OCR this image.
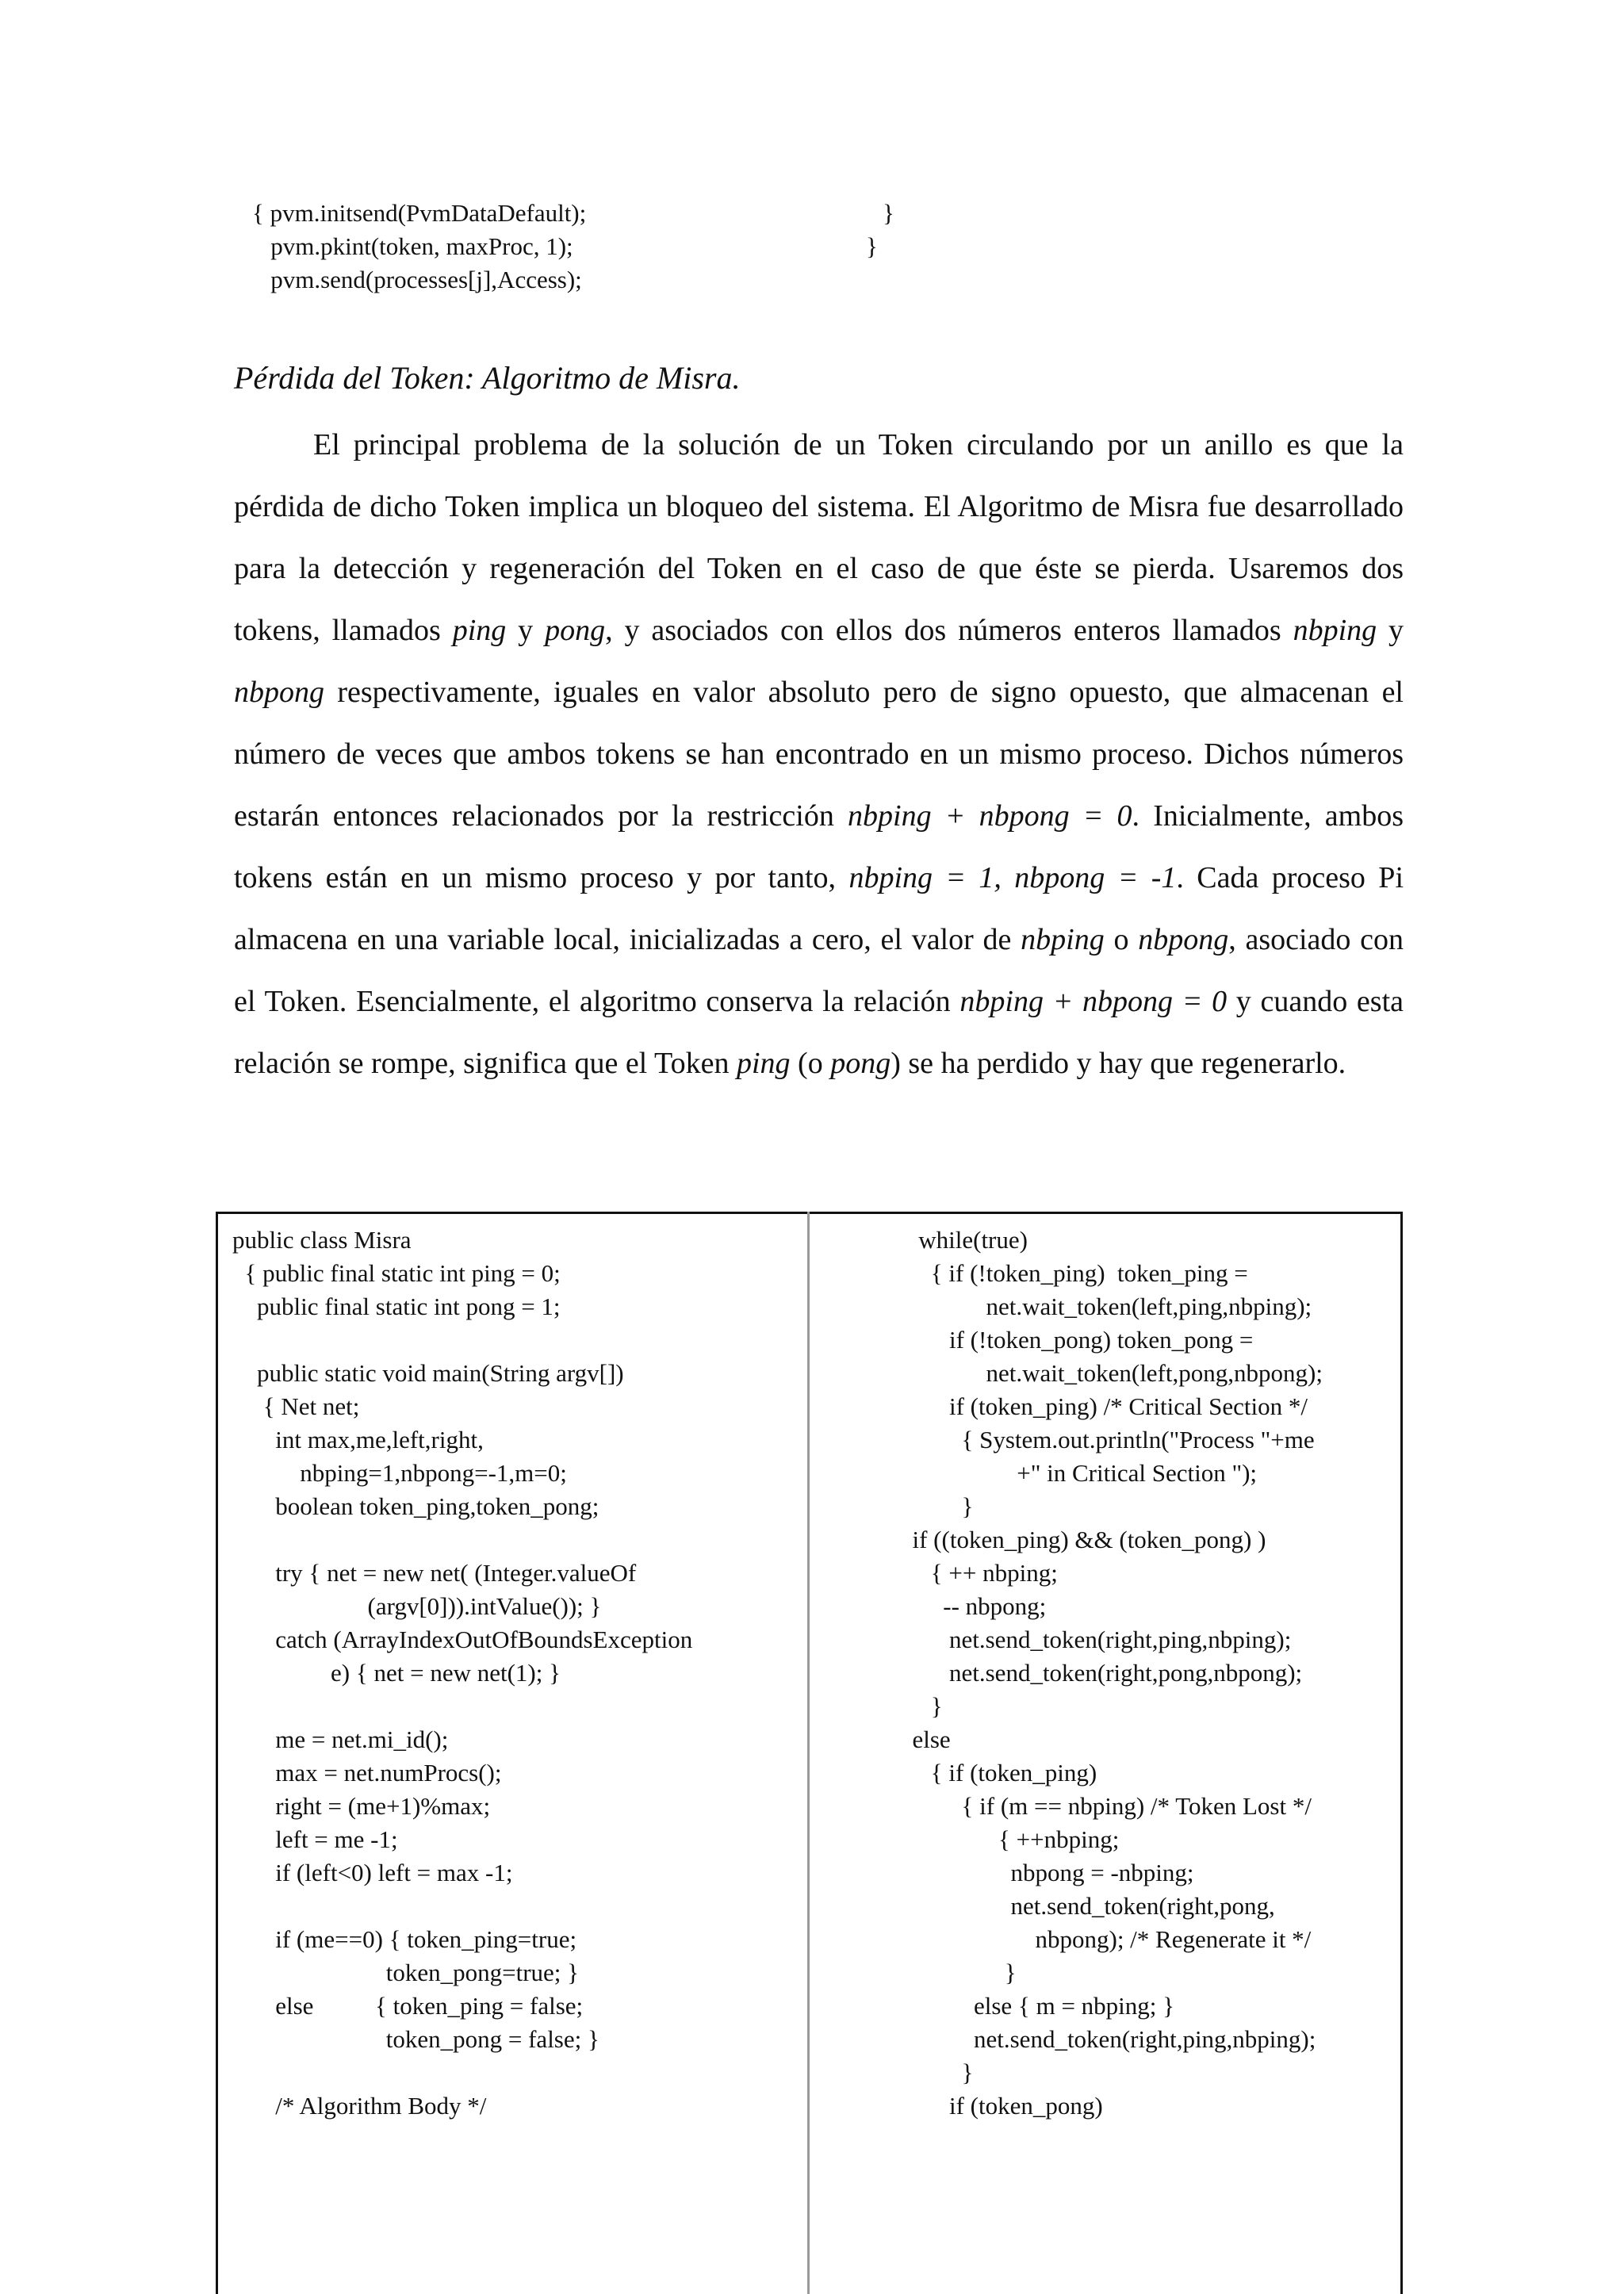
{ pvm.initsend(PvmDataDefault);
pvm.pkint(token, maxProc, 1);
pvm.send(processes[j],Access);
}
}
Pérdida del Token: Algoritmo de Misra.

El principal problema de la solución de un Token circulando por un anillo es que la pérdida de dicho Token implica un bloqueo del sistema. El Algoritmo de Misra fue desarrollado para la detección y regeneración del Token en el caso de que éste se pierda. Usaremos dos tokens, llamados ping y pong, y asociados con ellos dos números enteros llamados nbping y nbpong respectivamente, iguales en valor absoluto pero de signo opuesto, que almacenan el número de veces que ambos tokens se han encontrado en un mismo proceso. Dichos números estarán entonces relacionados por la restricción nbping + nbpong = 0. Inicialmente, ambos tokens están en un mismo proceso y por tanto, nbping = 1, nbpong = -1. Cada proceso Pi almacena en una variable local, inicializadas a cero, el valor de nbping o nbpong, asociado con el Token. Esencialmente, el algoritmo conserva la relación nbping + nbpong = 0 y cuando esta relación se rompe, significa que el Token ping (o pong) se ha perdido y hay que regenerarlo.

public class Misra
{ public final static int ping = 0;
public final static int pong = 1;

public static void main(String argv[])
{ Net net;
int max,me,left,right,
nbping=1,nbpong=-1,m=0;
boolean token_ping,token_pong;

try { net = new net( (Integer.valueOf
(argv[0])).intValue()); }
catch (ArrayIndexOutOfBoundsException
e) { net = new net(1); }

me = net.mi_id();
max = net.numProcs();
right = (me+1)%max;
left = me -1;
if (left<0) left = max -1;

if (me==0) { token_ping=true;
token_pong=true; }
else          { token_ping = false;
token_pong = false; }

/* Algorithm Body */
while(true)
{ if (!token_ping)  token_ping =
net.wait_token(left,ping,nbping);
if (!token_pong) token_pong =
net.wait_token(left,pong,nbpong);
if (token_ping) /* Critical Section */
{ System.out.println("Process "+me
+" in Critical Section ");
}
if ((token_ping) && (token_pong) )
{ ++ nbping;
-- nbpong;
net.send_token(right,ping,nbping);
net.send_token(right,pong,nbpong);
}
else
{ if (token_ping)
{ if (m == nbping) /* Token Lost */
{ ++nbping;
nbpong = -nbping;
net.send_token(right,pong,
nbpong); /* Regenerate it */
}
else { m = nbping; }
net.send_token(right,ping,nbping);
}
if (token_pong)
